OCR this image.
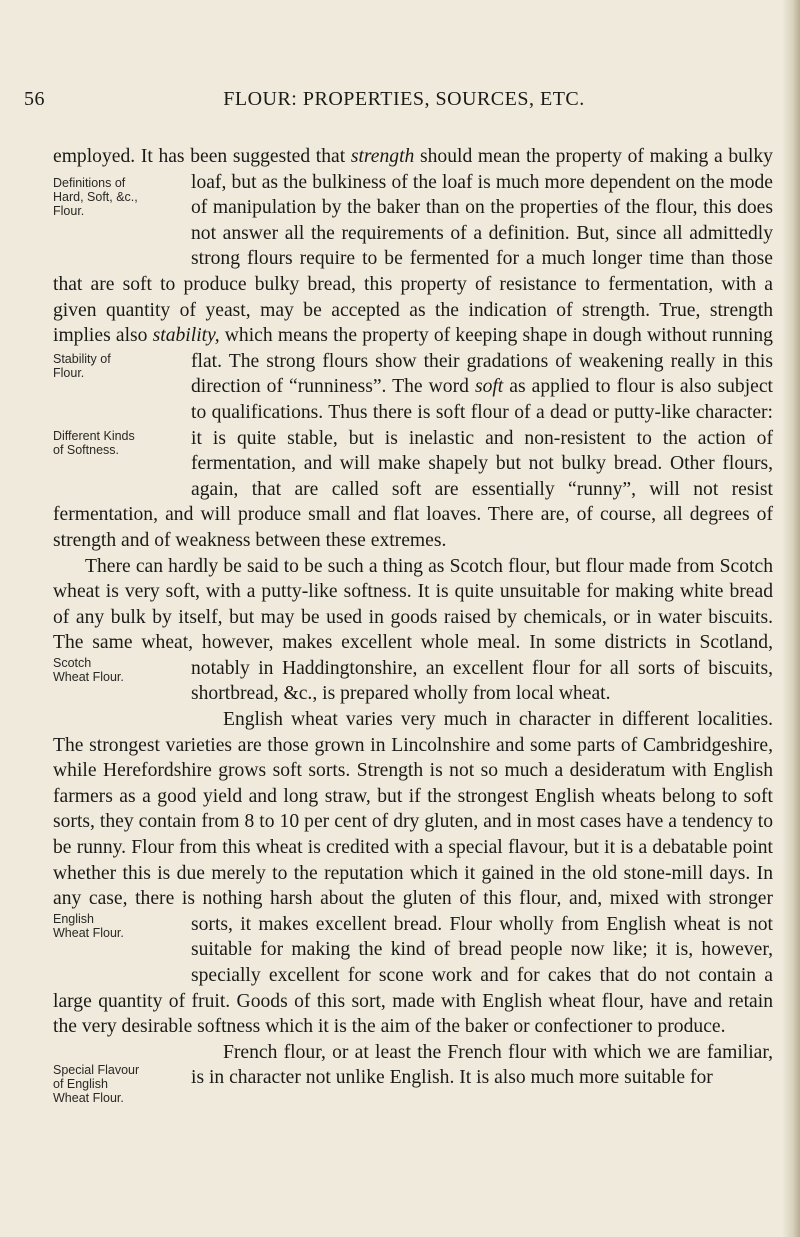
56	FLOUR: PROPERTIES, SOURCES, ETC.

employed. It has been suggested that strength should mean the property of making a bulky loaf, but as the bulkiness of the loaf is much more dependent on the mode of manipulation by the baker than on the properties of the flour, this does not answer all the requirements of a definition. But, since all admittedly strong flours require to be fermented for a much longer time than those that are soft to produce bulky bread, this property of resistance to fermentation, with a given quantity of yeast, may be accepted as the indication of strength. True, strength implies also stability, which means the property of keeping shape in dough without running flat. The strong flours show their gradations of weakening really in this direction of “runniness”. The word soft as applied to flour is also subject to qualifications. Thus there is soft flour of a dead or putty-like character: it is quite stable, but is inelastic and non-resistent to the action of fermentation, and will make shapely but not bulky bread. Other flours, again, that are called soft are essentially “runny”, will not resist fermentation, and will produce small and flat loaves. There are, of course, all degrees of strength and of weakness between these extremes.

There can hardly be said to be such a thing as Scotch flour, but flour made from Scotch wheat is very soft, with a putty-like softness. It is quite unsuitable for making white bread of any bulk by itself, but may be used in goods raised by chemicals, or in water biscuits. The same wheat, however, makes excellent whole meal. In some districts in Scotland, notably in Haddingtonshire, an excellent flour for all sorts of biscuits, shortbread, &c., is prepared wholly from local wheat.

English wheat varies very much in character in different localities. The strongest varieties are those grown in Lincolnshire and some parts of Cambridgeshire, while Herefordshire grows soft sorts. Strength is not so much a desideratum with English farmers as a good yield and long straw, but if the strongest English wheats belong to soft sorts, they contain from 8 to 10 per cent of dry gluten, and in most cases have a tendency to be runny. Flour from this wheat is credited with a special flavour, but it is a debatable point whether this is due merely to the reputation which it gained in the old stone-mill days. In any case, there is nothing harsh about the gluten of this flour, and, mixed with stronger sorts, it makes excellent bread. Flour wholly from English wheat is not suitable for making the kind of bread people now like; it is, however, specially excellent for scone work and for cakes that do not contain a large quantity of fruit. Goods of this sort, made with English wheat flour, have and retain the very desirable softness which it is the aim of the baker or confectioner to produce.

French flour, or at least the French flour with which we are familiar, is in character not unlike English. It is also much more suitable for

Definitions of
Hard, Soft, &c.,
Flour.
Stability of
Flour.
Different Kinds
of Softness.
Scotch
Wheat Flour.
English
Wheat Flour.
Special Flavour
of English
Wheat Flour.
